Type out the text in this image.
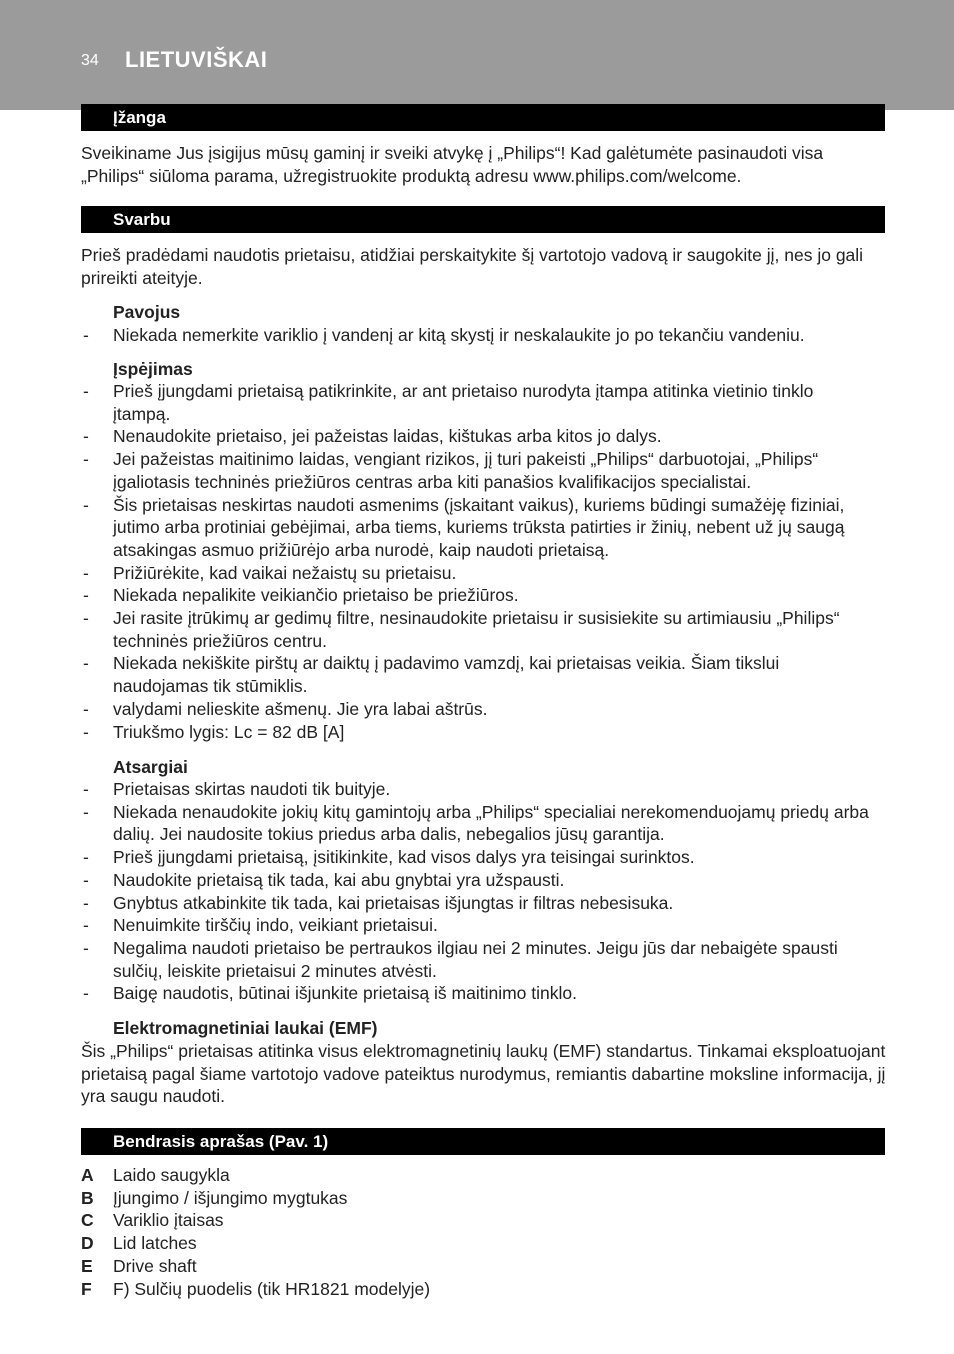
34 LIETUVIŠKAI
Įžanga

Sveikiname Jus įsigijus mūsų gaminį ir sveiki atvykę į „Philips“! Kad galėtumėte pasinaudoti visa „Philips“ siūloma parama, užregistruokite produktą adresu www.philips.com/welcome.

Svarbu

Prieš pradėdami naudotis prietaisu, atidžiai perskaitykite šį vartotojo vadovą ir saugokite jį, nes jo gali prireikti ateityje.

Pavojus
- Niekada nemerkite variklio į vandenį ar kitą skystį ir neskalaukite jo po tekančiu vandeniu.
Įspėjimas
- Prieš įjungdami prietaisą patikrinkite, ar ant prietaiso nurodyta įtampa atitinka vietinio tinklo įtampą.
- Nenaudokite prietaiso, jei pažeistas laidas, kištukas arba kitos jo dalys.
- Jei pažeistas maitinimo laidas, vengiant rizikos, jį turi pakeisti „Philips“ darbuotojai, „Philips“ įgaliotasis techninės priežiūros centras arba kiti panašios kvalifikacijos specialistai.
- Šis prietaisas neskirtas naudoti asmenims (įskaitant vaikus), kuriems būdingi sumažėję fiziniai, jutimo arba protiniai gebėjimai, arba tiems, kuriems trūksta patirties ir žinių, nebent už jų saugą atsakingas asmuo prižiūrėjo arba nurodė, kaip naudoti prietaisą.
- Prižiūrėkite, kad vaikai nežaistų su prietaisu.
- Niekada nepalikite veikiančio prietaiso be priežiūros.
- Jei rasite įtrūkimų ar gedimų filtre, nesinaudokite prietaisu ir susisiekite su artimiausiu „Philips“ techninės priežiūros centru.
- Niekada nekiškite pirštų ar daiktų į padavimo vamzdį, kai prietaisas veikia. Šiam tikslui naudojamas tik stūmiklis.
- valydami nelieskite ašmenų. Jie yra labai aštrūs.
- Triukšmo lygis: Lc = 82 dB [A]
Atsargiai
- Prietaisas skirtas naudoti tik buityje.
- Niekada nenaudokite jokių kitų gamintojų arba „Philips“ specialiai nerekomenduojamų priedų arba dalių. Jei naudosite tokius priedus arba dalis, nebegalios jūsų garantija.
- Prieš įjungdami prietaisą, įsitikinkite, kad visos dalys yra teisingai surinktos.
- Naudokite prietaisą tik tada, kai abu gnybtai yra užspausti.
- Gnybtus atkabinkite tik tada, kai prietaisas išjungtas ir filtras nebesisuka.
- Nenuimkite tirščių indo, veikiant prietaisui.
- Negalima naudoti prietaiso be pertraukos ilgiau nei 2 minutes. Jeigu jūs dar nebaigėte spausti sulčių, leiskite prietaisui 2 minutes atvėsti.
- Baigę naudotis, būtinai išjunkite prietaisą iš maitinimo tinklo.
Elektromagnetiniai laukai (EMF)

Šis „Philips“ prietaisas atitinka visus elektromagnetinių laukų (EMF) standartus. Tinkamai eksploatuojant prietaisą pagal šiame vartotojo vadove pateiktus nurodymus, remiantis dabartine moksline informacija, jį yra saugu naudoti.

Bendrasis aprašas (Pav. 1)
A Laido saugykla
B Įjungimo / išjungimo mygtukas
C Variklio įtaisas
D Lid latches
E Drive shaft
F F) Sulčių puodelis (tik HR1821 modelyje)
